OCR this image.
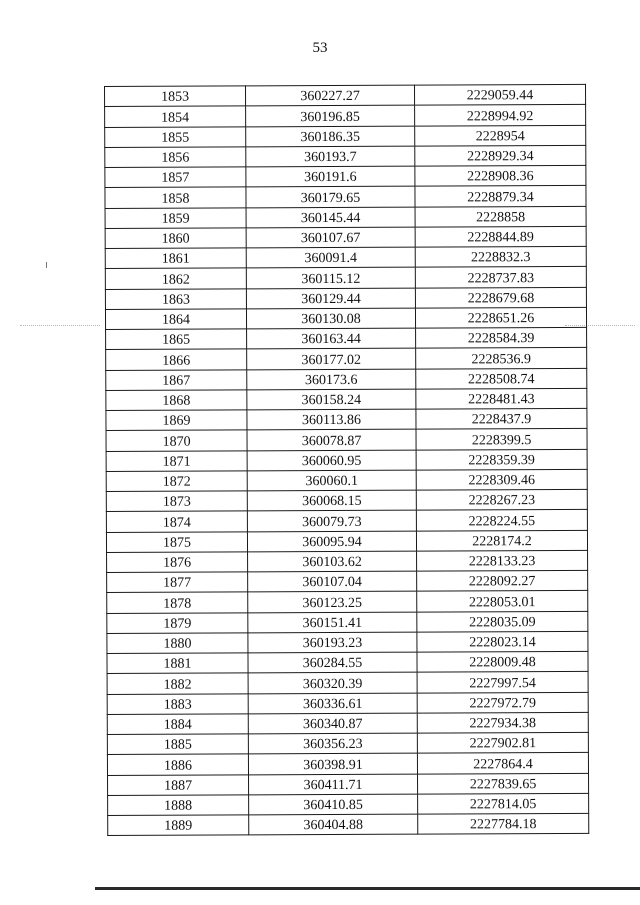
53
1853	360227.27	2229059.44
1854	360196.85	2228994.92
1855	360186.35	2228954
1856	360193.7	2228929.34
1857	360191.6	2228908.36
1858	360179.65	2228879.34
1859	360145.44	2228858
1860	360107.67	2228844.89
1861	360091.4	2228832.3
1862	360115.12	2228737.83
1863	360129.44	2228679.68
1864	360130.08	2228651.26
1865	360163.44	2228584.39
1866	360177.02	2228536.9
1867	360173.6	2228508.74
1868	360158.24	2228481.43
1869	360113.86	2228437.9
1870	360078.87	2228399.5
1871	360060.95	2228359.39
1872	360060.1	2228309.46
1873	360068.15	2228267.23
1874	360079.73	2228224.55
1875	360095.94	2228174.2
1876	360103.62	2228133.23
1877	360107.04	2228092.27
1878	360123.25	2228053.01
1879	360151.41	2228035.09
1880	360193.23	2228023.14
1881	360284.55	2228009.48
1882	360320.39	2227997.54
1883	360336.61	2227972.79
1884	360340.87	2227934.38
1885	360356.23	2227902.81
1886	360398.91	2227864.4
1887	360411.71	2227839.65
1888	360410.85	2227814.05
1889	360404.88	2227784.18
